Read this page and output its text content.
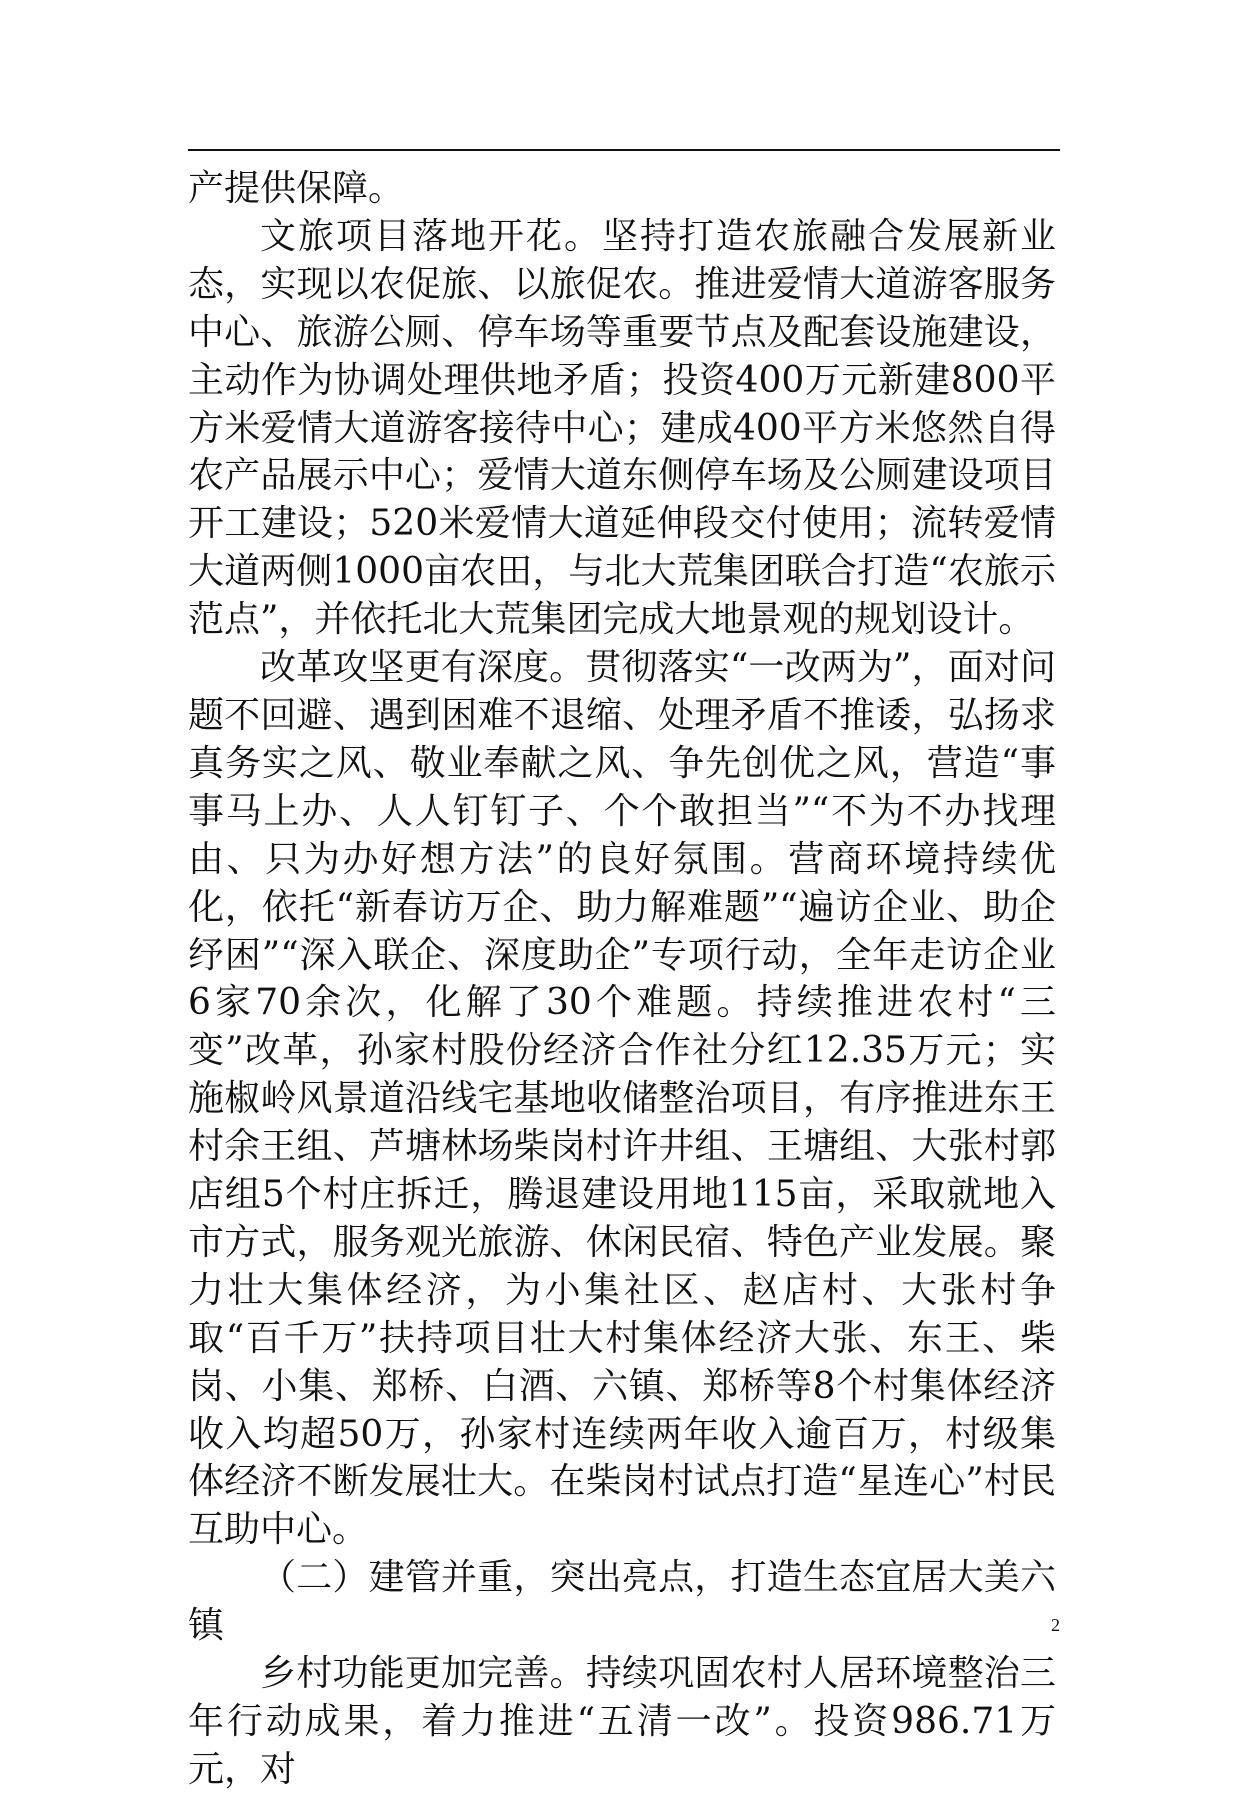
产提供保障。

文旅项目落地开花。坚持打造农旅融合发展新业态，实现以农促旅、以旅促农。推进爱情大道游客服务中心、旅游公厕、停车场等重要节点及配套设施建设，主动作为协调处理供地矛盾；投资400万元新建800平方米爱情大道游客接待中心；建成400平方米悠然自得农产品展示中心；爱情大道东侧停车场及公厕建设项目开工建设；520米爱情大道延伸段交付使用；流转爱情大道两侧1000亩农田，与北大荒集团联合打造“农旅示范点”，并依托北大荒集团完成大地景观的规划设计。

改革攻坚更有深度。贯彻落实“一改两为”，面对问题不回避、遇到困难不退缩、处理矛盾不推诿，弘扬求真务实之风、敬业奉献之风、争先创优之风，营造“事事马上办、人人钉钉子、个个敢担当”“不为不办找理由、只为办好想方法”的良好氛围。营商环境持续优化，依托“新春访万企、助力解难题”“遍访企业、助企纾困”“深入联企、深度助企”专项行动，全年走访企业6家70余次，化解了30个难题。持续推进农村“三变”改革，孙家村股份经济合作社分红12.35万元；实施椒岭风景道沿线宅基地收储整治项目，有序推进东王村余王组、芦塘林场柴岗村许井组、王塘组、大张村郭店组5个村庄拆迁，腾退建设用地115亩，采取就地入市方式，服务观光旅游、休闲民宿、特色产业发展。聚力壮大集体经济，为小集社区、赵店村、大张村争取“百千万”扶持项目壮大村集体经济大张、东王、柴岗、小集、郑桥、白酒、六镇、郑桥等8个村集体经济收入均超50万，孙家村连续两年收入逾百万，村级集体经济不断发展壮大。在柴岗村试点打造“星连心”村民互助中心。

（二）建管并重，突出亮点，打造生态宜居大美六镇

乡村功能更加完善。持续巩固农村人居环境整治三年行动成果，着力推进“五清一改”。投资986.71万元，对

2
